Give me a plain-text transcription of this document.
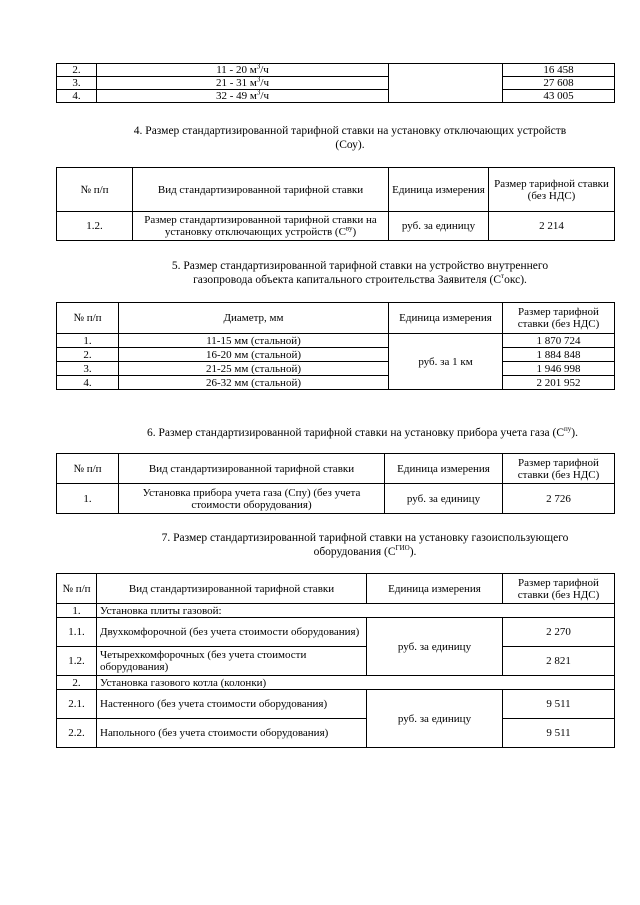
2.	11 - 20 $м^3/ч$		16 458
3.	21 - 31 $м^3/ч$		27 608
4.	32 - 49 $м^3/ч$		43 005
4. Размер стандартизированной тарифной ставки на установку отключающих устройств
(Соу).
№ п/п	Вид стандартизированной тарифной ставки	Единица измерения	Размер тарифной ставки (без НДС)
1.2.	Размер стандартизированной тарифной ставки на установку отключающих устройств $(С^{ву})$	руб. за единицу	2 214
5. Размер стандартизированной тарифной ставки на устройство внутреннего
газопровода объекта капитального строительства Заявителя $(С^токс)$.
№ п/п	Диаметр, мм	Единица измерения	Размер тарифной ставки (без НДС)
1.	11-15 мм (стальной)	руб. за 1 км	1 870 724
2.	16-20 мм (стальной)		1 884 848
3.	21-25 мм (стальной)		1 946 998
4.	26-32 мм (стальной)		2 201 952
6. Размер стандартизированной тарифной ставки на установку прибора учета газа $(С^{пу})$.
№ п/п	Вид стандартизированной тарифной ставки	Единица измерения	Размер тарифной ставки (без НДС)
1.	Установка прибора учета газа (Спу) (без учета стоимости оборудования)	руб. за единицу	2 726
7. Размер стандартизированной тарифной ставки на установку газоиспользующего
оборудования $(С^{ГИО})$.
№ п/п	Вид стандартизированной тарифной ставки	Единица измерения	Размер тарифной ставки (без НДС)
1.	Установка плиты газовой:		
1.1.	Двухкомфорочной (без учета стоимости оборудования)	руб. за единицу	2 270
1.2.	Четырехкомфорочных (без учета стоимости оборудования)		2 821
2.	Установка газового котла (колонки)		
2.1.	Настенного (без учета стоимости оборудования)	руб. за единицу	9 511
2.2.	Напольного (без учета стоимости оборудования)		9 511
